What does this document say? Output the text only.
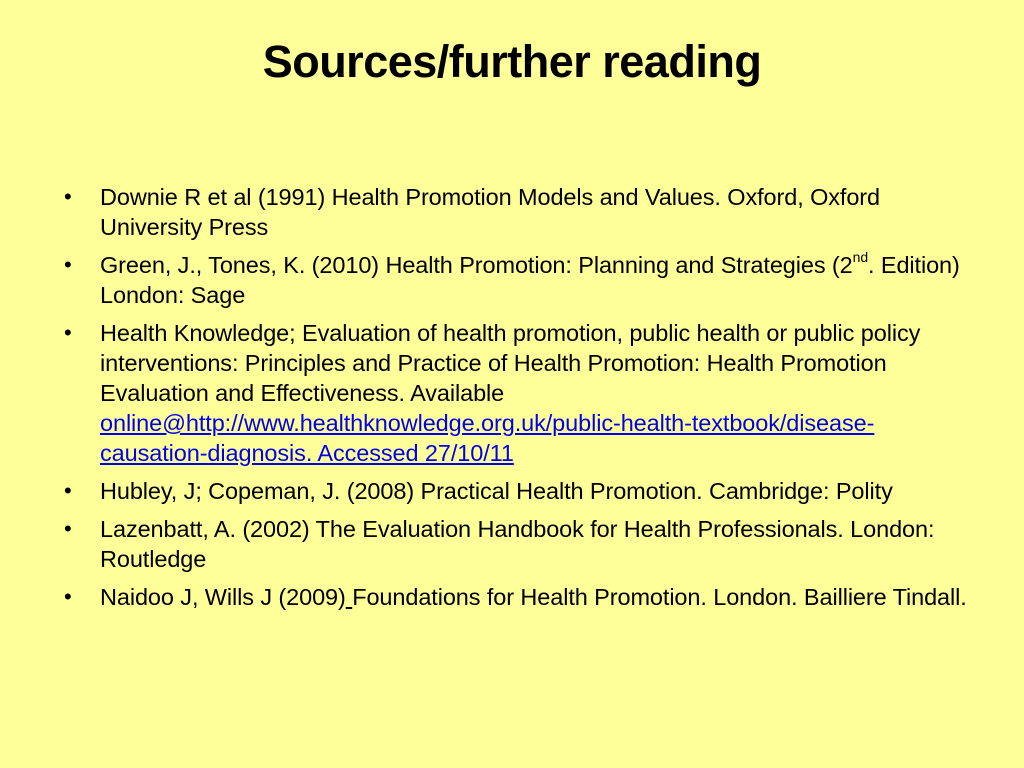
Sources/further reading
• Downie R et al (1991) Health Promotion Models and Values. Oxford, Oxford University Press
• Green, J., Tones, K. (2010) Health Promotion: Planning and Strategies (2nd. Edition) London: Sage
• Health Knowledge; Evaluation of health promotion, public health or public policy interventions: Principles and Practice of Health Promotion: Health Promotion Evaluation and Effectiveness. Available online@http://www.healthknowledge.org.uk/public-health-textbook/disease-causation-diagnosis. Accessed 27/10/11
• Hubley, J; Copeman, J. (2008) Practical Health Promotion. Cambridge: Polity
• Lazenbatt, A. (2002) The Evaluation Handbook for Health Professionals. London: Routledge
• Naidoo J, Wills J (2009) Foundations for Health Promotion. London. Bailliere Tindall.
